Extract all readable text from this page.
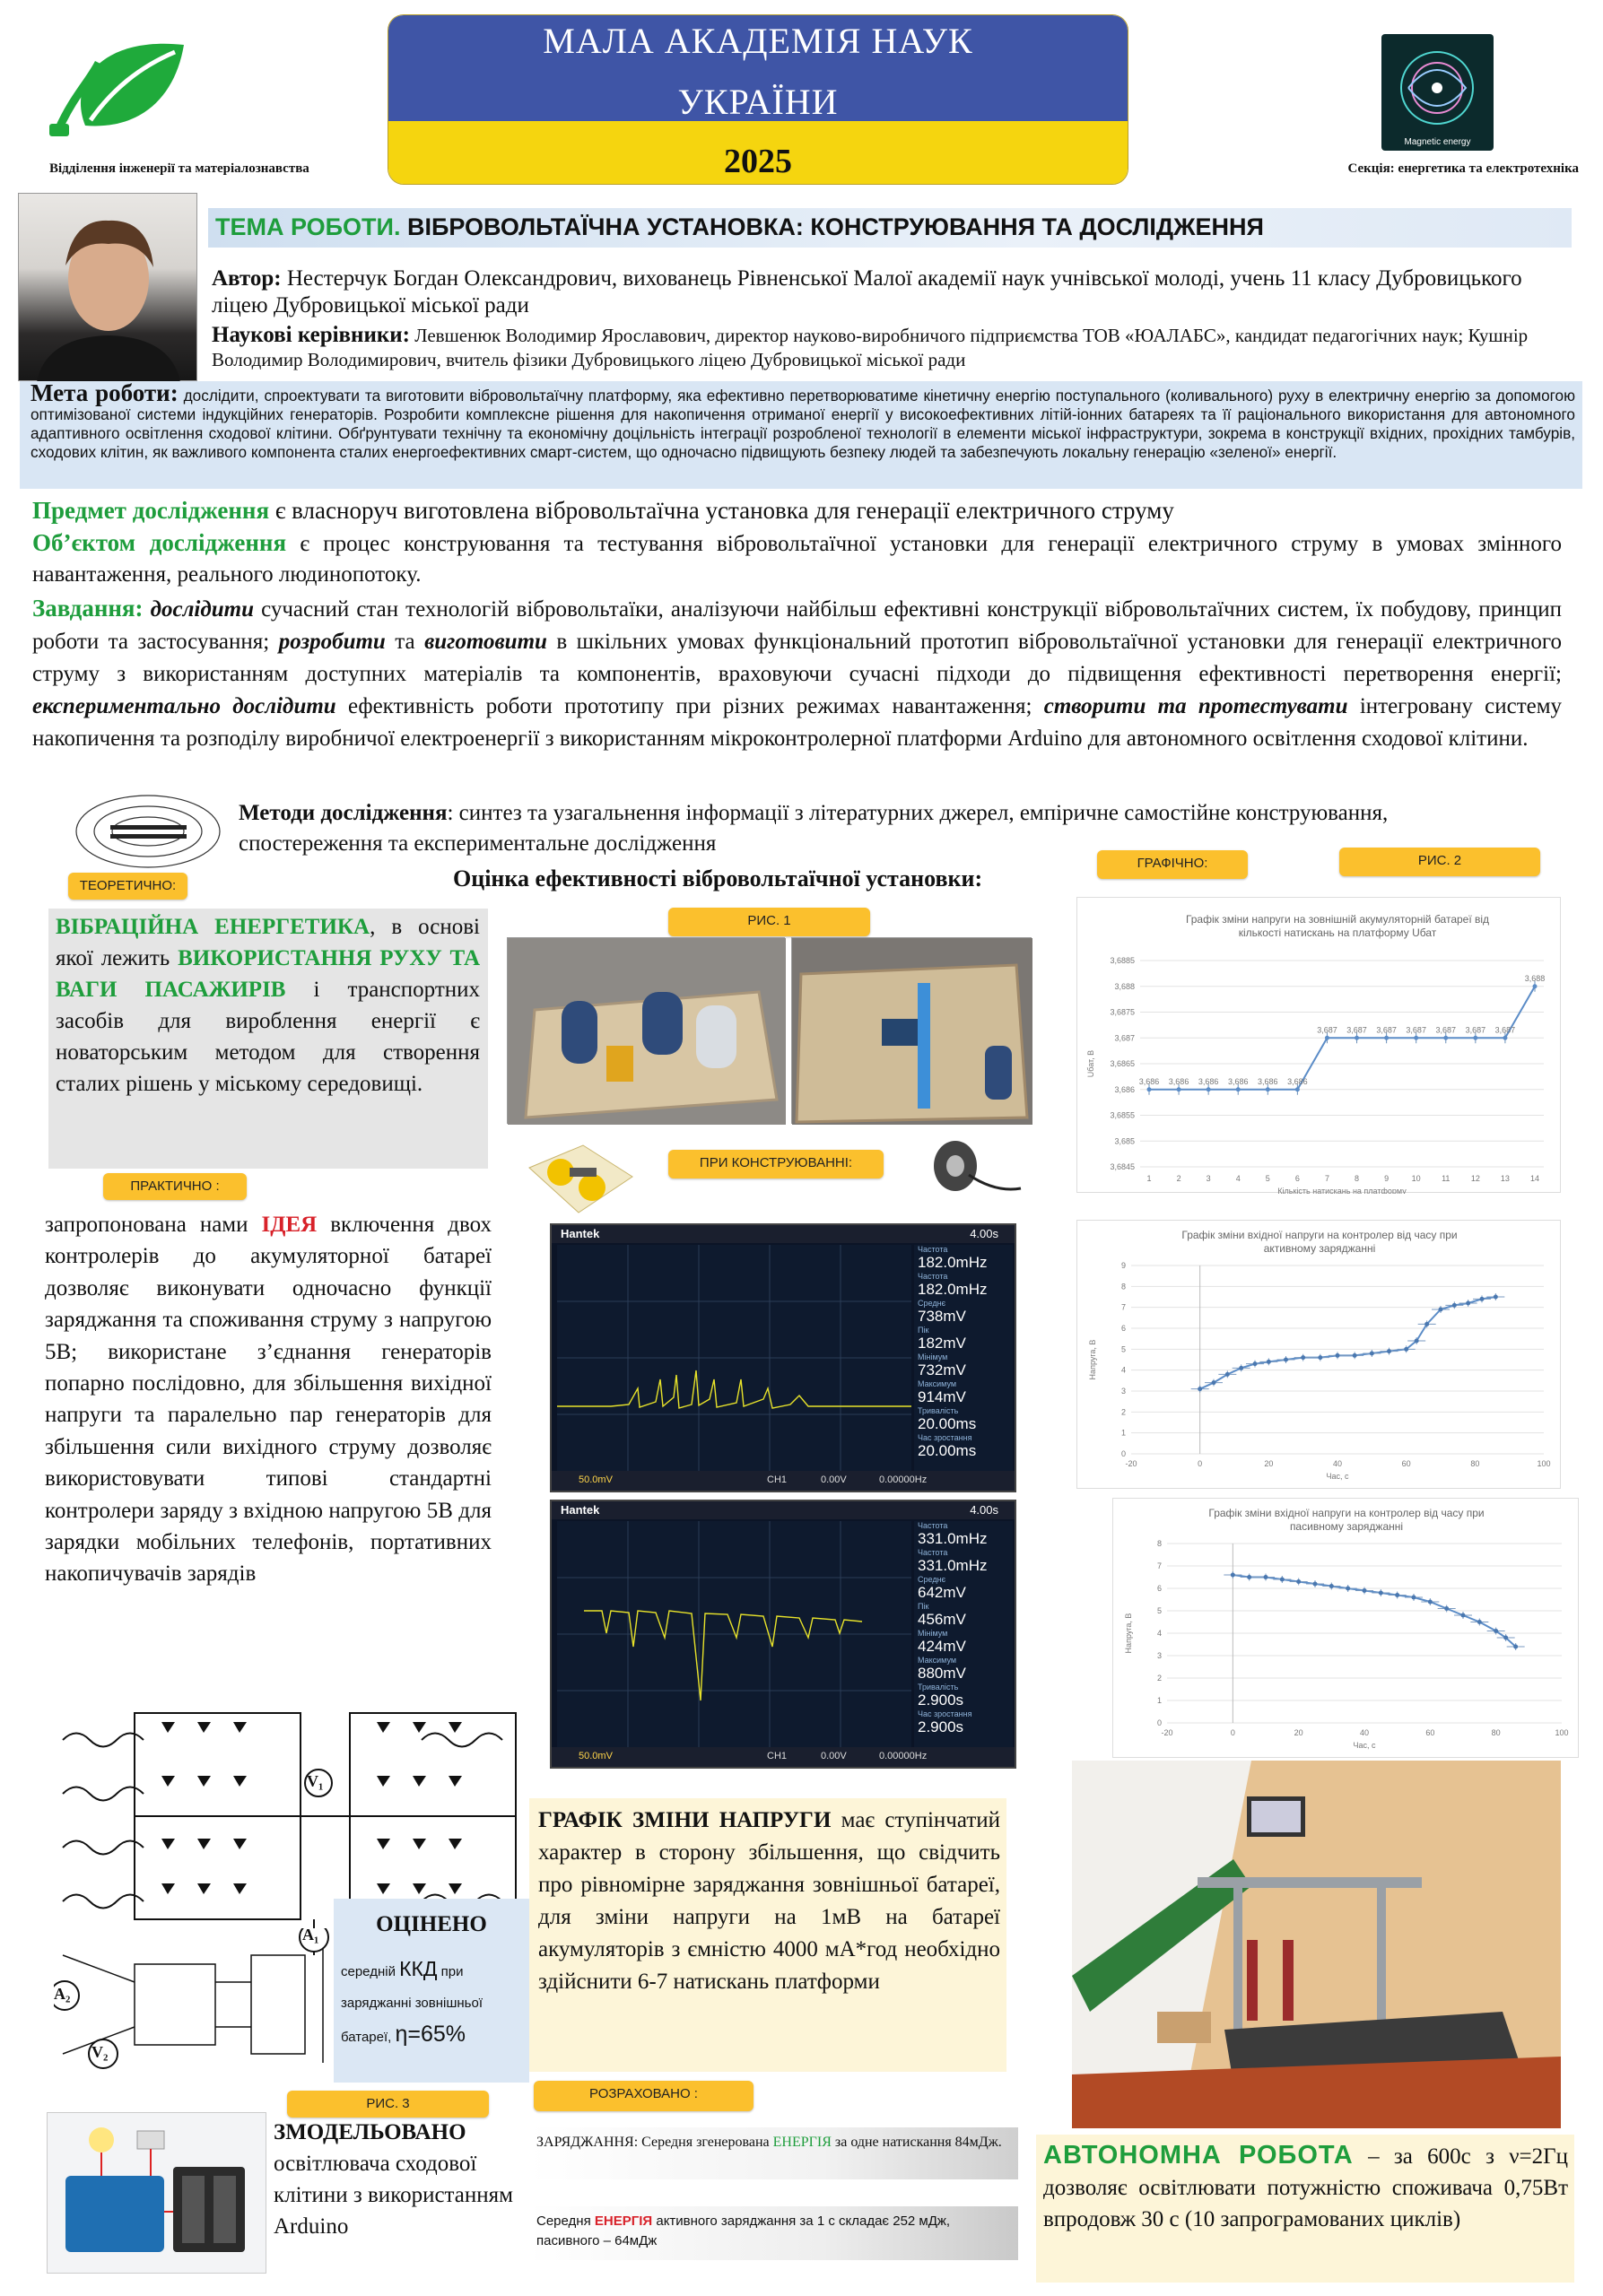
Відділення інженерії та матеріалознавства
МАЛА АКАДЕМІЯ НАУК
УКРАЇНИ
2025
Magnetic energy
Секція: енергетика та електротехніка
ТЕМА РОБОТИ. ВІБРОВОЛЬТАЇЧНА УСТАНОВКА: КОНСТРУЮВАННЯ ТА ДОСЛІДЖЕННЯ
Автор: Нестерчук Богдан Олександрович, вихованець Рівненської Малої академії наук учнівської молоді, учень 11 класу Дубровицького ліцею Дубровицької міської ради
Наукові керівники: Левшенюк Володимир Ярославович, директор науково-виробничого підприємства ТОВ «ЮАЛАБС», кандидат педагогічних наук; Кушнір Володимир Володимирович, вчитель фізики Дубровицького ліцею Дубровицької міської ради
Мета роботи: дослідити, спроектувати та виготовити вібровольтаїчну платформу, яка ефективно перетворюватиме кінетичну енергію поступального (коливального) руху в електричну енергію за допомогою оптимізованої системи індукційних генераторів. Розробити комплексне рішення для накопичення отриманої енергії у високоефективних літій-іонних батареях та її раціонального використання для автономного адаптивного освітлення сходової клітини. Обґрунтувати технічну та економічну доцільність інтеграції розробленої технології в елементи міської інфраструктури, зокрема в конструкції вхідних, прохідних тамбурів, сходових клітин, як важливого компонента сталих енергоефективних смарт-систем, що одночасно підвищують безпеку людей та забезпечують локальну генерацію «зеленої» енергії.
Предмет дослідження є власноруч виготовлена вібровольтаїчна установка для генерації електричного струму
Об’єктом дослідження є процес конструювання та тестування вібровольтаїчної установки для генерації електричного струму в умовах змінного навантаження, реального людинопотоку.
Завдання: дослідити сучасний стан технологій вібровольтаїки, аналізуючи найбільш ефективні конструкції вібровольтаїчних систем, їх побудову, принцип роботи та застосування; розробити та виготовити в шкільних умовах функціональний прототип вібровольтаїчної установки для генерації електричного струму з використанням доступних матеріалів та компонентів, враховуючи сучасні підходи до підвищення ефективності перетворення енергії; експериментально дослідити ефективність роботи прототипу при різних режимах навантаження; створити та протестувати інтегровану систему накопичення та розподілу виробничої електроенергії з використанням мікроконтролерної платформи Arduino для автономного освітлення сходової клітини.
Методи дослідження: синтез та узагальнення інформації з літературних джерел, емпіричне самостійне конструювання, спостереження та експериментальне дослідження
Оцінка ефективності вібровольтаїчної установки:
ТЕОРЕТИЧНО:
ПРАКТИЧНО :
РИС. 1
ПРИ КОНСТРУЮВАННІ:
ГРАФІЧНО:	РИС. 2
РИС. 3
РОЗРАХОВАНО :
ВІБРАЦІЙНА ЕНЕРГЕТИКА, в основі якої лежить ВИКОРИСТАННЯ РУХУ ТА ВАГИ ПАСАЖИРІВ і транспортних засобів для вироблення енергії є новаторським методом для створення сталих рішень у міському середовищі.
запропонована нами ІДЕЯ включення двох контролерів до акумуляторної батареї дозволяє виконувати одночасно функції заряджання та споживання струму з напругою 5В; використане з’єднання генераторів попарно послідовно, для збільшення вихідної напруги та паралельно пар генераторів для збільшення сили вихідного струму дозволяє використовувати типові стандартні контролери заряду з вхідною напругою 5В для зарядки мобільних телефонів, портативних накопичувачів зарядів
Hantek	4.00s
Частота
182.0mHz
Частота
182.0mHz
Среднє
738mV
Пік
182mV
Мінімум
732mV
Максимум
914mV
Тривалість
20.00ms
Час зростання
20.00ms
50.0mV	CH1	0.00V	0.00000Hz
Hantek	4.00s
Частота
331.0mHz
Частота
331.0mHz
Среднє
642mV
Пік
456mV
Мінімум
424mV
Максимум
880mV
Тривалість
2.900s
Час зростання
2.900s
50.0mV	CH1	0.00V	0.00000Hz
Графік зміни напруги на зовнішній акумуляторній батареї від
кількості натискань на платформу Uбат
3,6885
3,688
3,6875
3,687
3,6865
3,686
3,6855
3,685
3,6845
3,686
1
3,686
2
3,686
3
3,686
4
3,686
5
3,686
6
3,687
7
3,687
8
3,687
9
3,687
10
3,687
11
3,687
12
3,687
13
3,688
14
Кількість натискань на платформу
Uбат, В
Графік зміни вхідної напруги на контролер від часу при
активному заряджанні
0
1
2
3
4
5
6
7
8
9
-20	0	20	40	60	80	100
Час, с
Напруга, В
Графік зміни вхідної напруги на контролер від часу при
пасивному заряджанні
0
1
2
3
4
5
6
7
8
-20	0	20	40	60	80	100
Час, с
Напруга, В
V₁
A₁
A₂
V₂
ОЦІНЕНО
середній ККД при заряджанні зовнішньої батареї, η=65%
ГРАФІК ЗМІНИ НАПРУГИ має ступінчатий характер в сторону збільшення, що свідчить про рівномірне заряджання зовнішньої батареї, для зміни напруги на 1мВ на батареї акумуляторів з ємністю 4000 мА*год необхідно здійснити 6-7 натискань платформи
ЗАРЯДЖАННЯ: Середня згенерована ЕНЕРГІЯ за одне натискання 84мДж.
Середня ЕНЕРГІЯ активного заряджання за 1 с складає 252 мДж, пасивного – 64мДж
ЗМОДЕЛЬОВАНО освітлювача сходової клітини з використанням Arduino
АВТОНОМНА РОБОТА – за 600с з ν=2Гц дозволяє освітлювати потужністю споживача 0,75Вт впродовж 30 с (10 запрограмованих циклів)
